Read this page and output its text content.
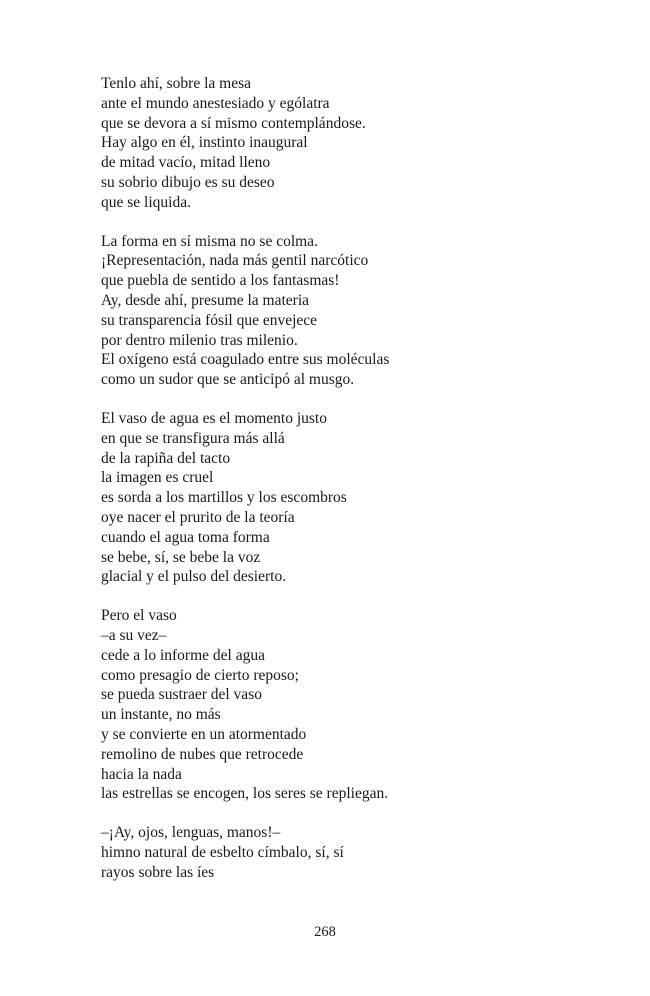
Tenlo ahí, sobre la mesa
ante el mundo anestesiado y ególatra
que se devora a sí mismo contemplándose.
Hay algo en él, instinto inaugural
de mitad vacío, mitad lleno
su sobrio dibujo es su deseo
que se liquida.
La forma en sí misma no se colma.
¡Representación, nada más gentil narcótico
que puebla de sentido a los fantasmas!
Ay, desde ahí, presume la materia
su transparencia fósil que envejece
por dentro milenio tras milenio.
El oxígeno está coagulado entre sus moléculas
como un sudor que se anticipó al musgo.
El vaso de agua es el momento justo
en que se transfigura más allá
de la rapiña del tacto
la imagen es cruel
es sorda a los martillos y los escombros
oye nacer el prurito de la teoría
cuando el agua toma forma
se bebe, sí, se bebe la voz
glacial y el pulso del desierto.
Pero el vaso
–a su vez–
cede a lo informe del agua
como presagio de cierto reposo;
se pueda sustraer del vaso
un instante, no más
y se convierte en un atormentado
remolino de nubes que retrocede
hacia la nada
las estrellas se encogen, los seres se repliegan.
–¡Ay, ojos, lenguas, manos!–
himno natural de esbelto címbalo, sí, sí
rayos sobre las íes
268
